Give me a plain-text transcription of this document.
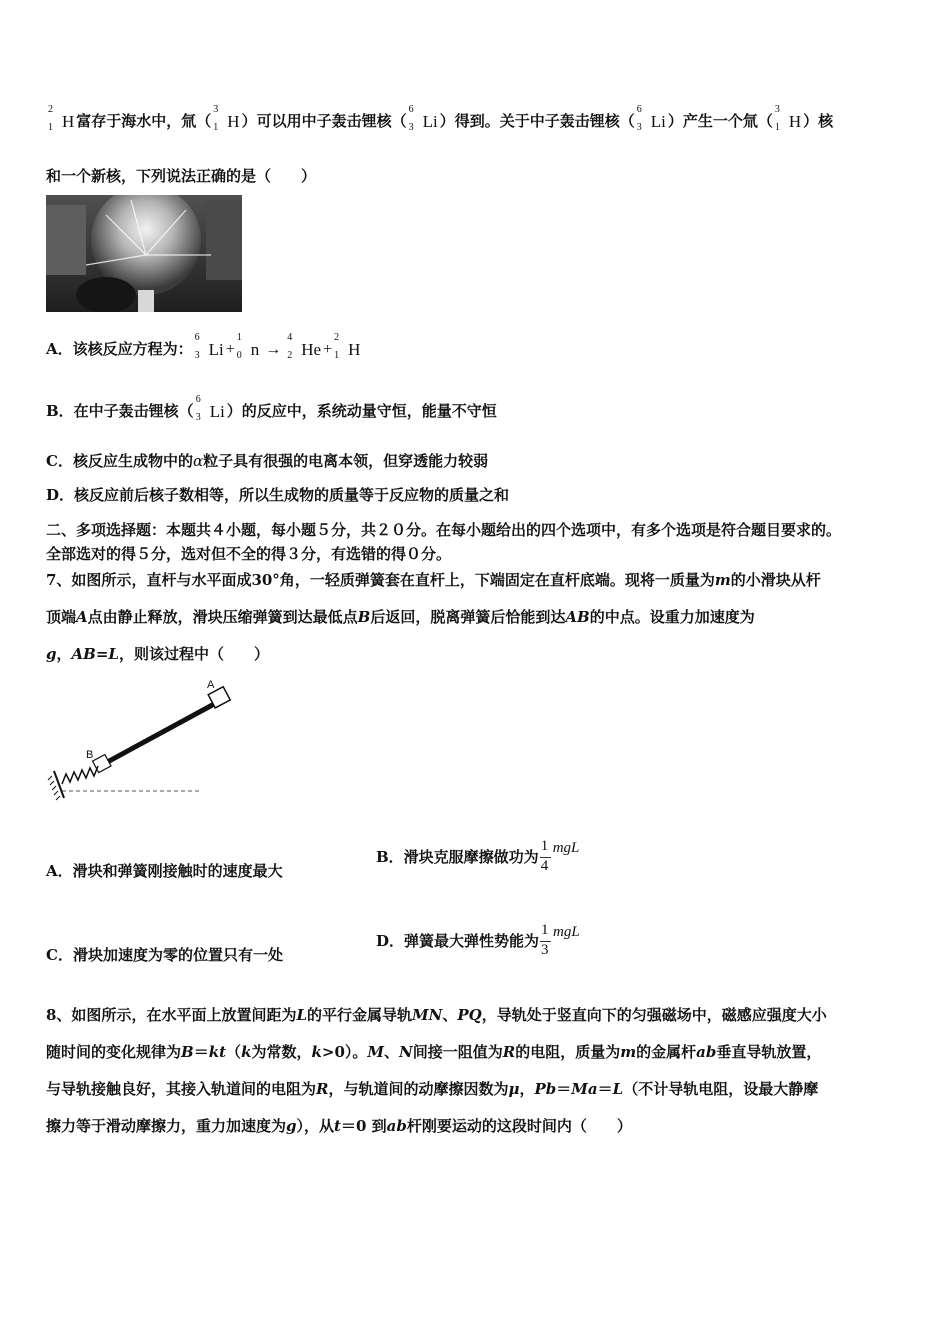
2
1 H 富存于海水中，氚（
3
1 H ）可以用中子轰击锂核（
6
3 Li ）得到。关于中子轰击锂核（
6
3 Li ）产生一个氚（
3
1 H ）核
和一个新核，下列说法正确的是（　　）
A．该核反应方程为：
6
3 Li +
1
0 n →
4
2 He +
2
1 H
B．在中子轰击锂核（
6
3 Li ）的反应中，系统动量守恒，能量不守恒
C．核反应生成物中的α粒子具有很强的电离本领，但穿透能力较弱
D．核反应前后核子数相等，所以生成物的质量等于反应物的质量之和
二、多项选择题：本题共４小题，每小题５分，共２０分。在每小题给出的四个选项中，有多个选项是符合题目要求的。
全部选对的得５分，选对但不全的得３分，有选错的得０分。
7、如图所示，直杆与水平面成30°角，一轻质弹簧套在直杆上，下端固定在直杆底端。现将一质量为m的小滑块从杆
顶端A点由静止释放，滑块压缩弹簧到达最低点B后返回，脱离弹簧后恰能到达AB的中点。设重力加速度为
g，AB=L，则该过程中（　　）
A
B
A．滑块和弹簧刚接触时的速度最大
B．滑块克服摩擦做功为 $\frac{1}{4}$ mgL
C．滑块加速度为零的位置只有一处
D．弹簧最大弹性势能为 $\frac{1}{3}$ mgL
8、如图所示，在水平面上放置间距为L的平行金属导轨MN、PQ，导轨处于竖直向下的匀强磁场中，磁感应强度大小
随时间的变化规律为B＝kt（k为常数，k>0）。M、N间接一阻值为R的电阻，质量为m的金属杆ab垂直导轨放置，
与导轨接触良好，其接入轨道间的电阻为R，与轨道间的动摩擦因数为μ，Pb＝Ma＝L（不计导轨电阻，设最大静摩
擦力等于滑动摩擦力，重力加速度为g），从t＝0 到ab杆刚要运动的这段时间内（　　）
